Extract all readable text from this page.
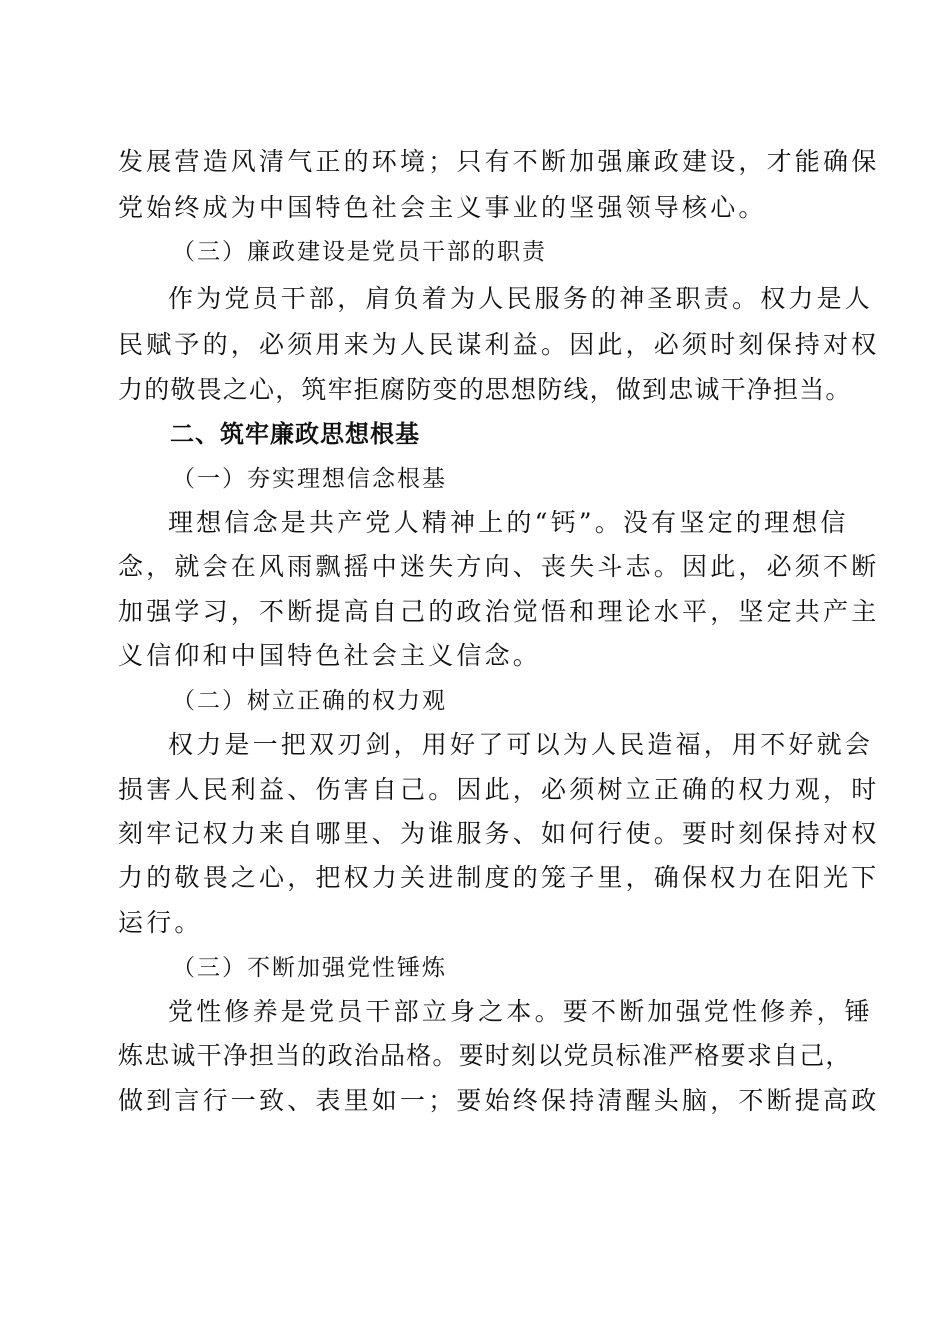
发展营造风清气正的环境；只有不断加强廉政建设，才能确保
党始终成为中国特色社会主义事业的坚强领导核心。
（三）廉政建设是党员干部的职责
作为党员干部，肩负着为人民服务的神圣职责。权力是人
民赋予的，必须用来为人民谋利益。因此，必须时刻保持对权
力的敬畏之心，筑牢拒腐防变的思想防线，做到忠诚干净担当。
二、筑牢廉政思想根基
（一）夯实理想信念根基
理想信念是共产党人精神上的“钙”。没有坚定的理想信
念，就会在风雨飘摇中迷失方向、丧失斗志。因此，必须不断
加强学习，不断提高自己的政治觉悟和理论水平，坚定共产主
义信仰和中国特色社会主义信念。
（二）树立正确的权力观
权力是一把双刃剑，用好了可以为人民造福，用不好就会
损害人民利益、伤害自己。因此，必须树立正确的权力观，时
刻牢记权力来自哪里、为谁服务、如何行使。要时刻保持对权
力的敬畏之心，把权力关进制度的笼子里，确保权力在阳光下
运行。
（三）不断加强党性锤炼
党性修养是党员干部立身之本。要不断加强党性修养，锤
炼忠诚干净担当的政治品格。要时刻以党员标准严格要求自己，
做到言行一致、表里如一；要始终保持清醒头脑，不断提高政
